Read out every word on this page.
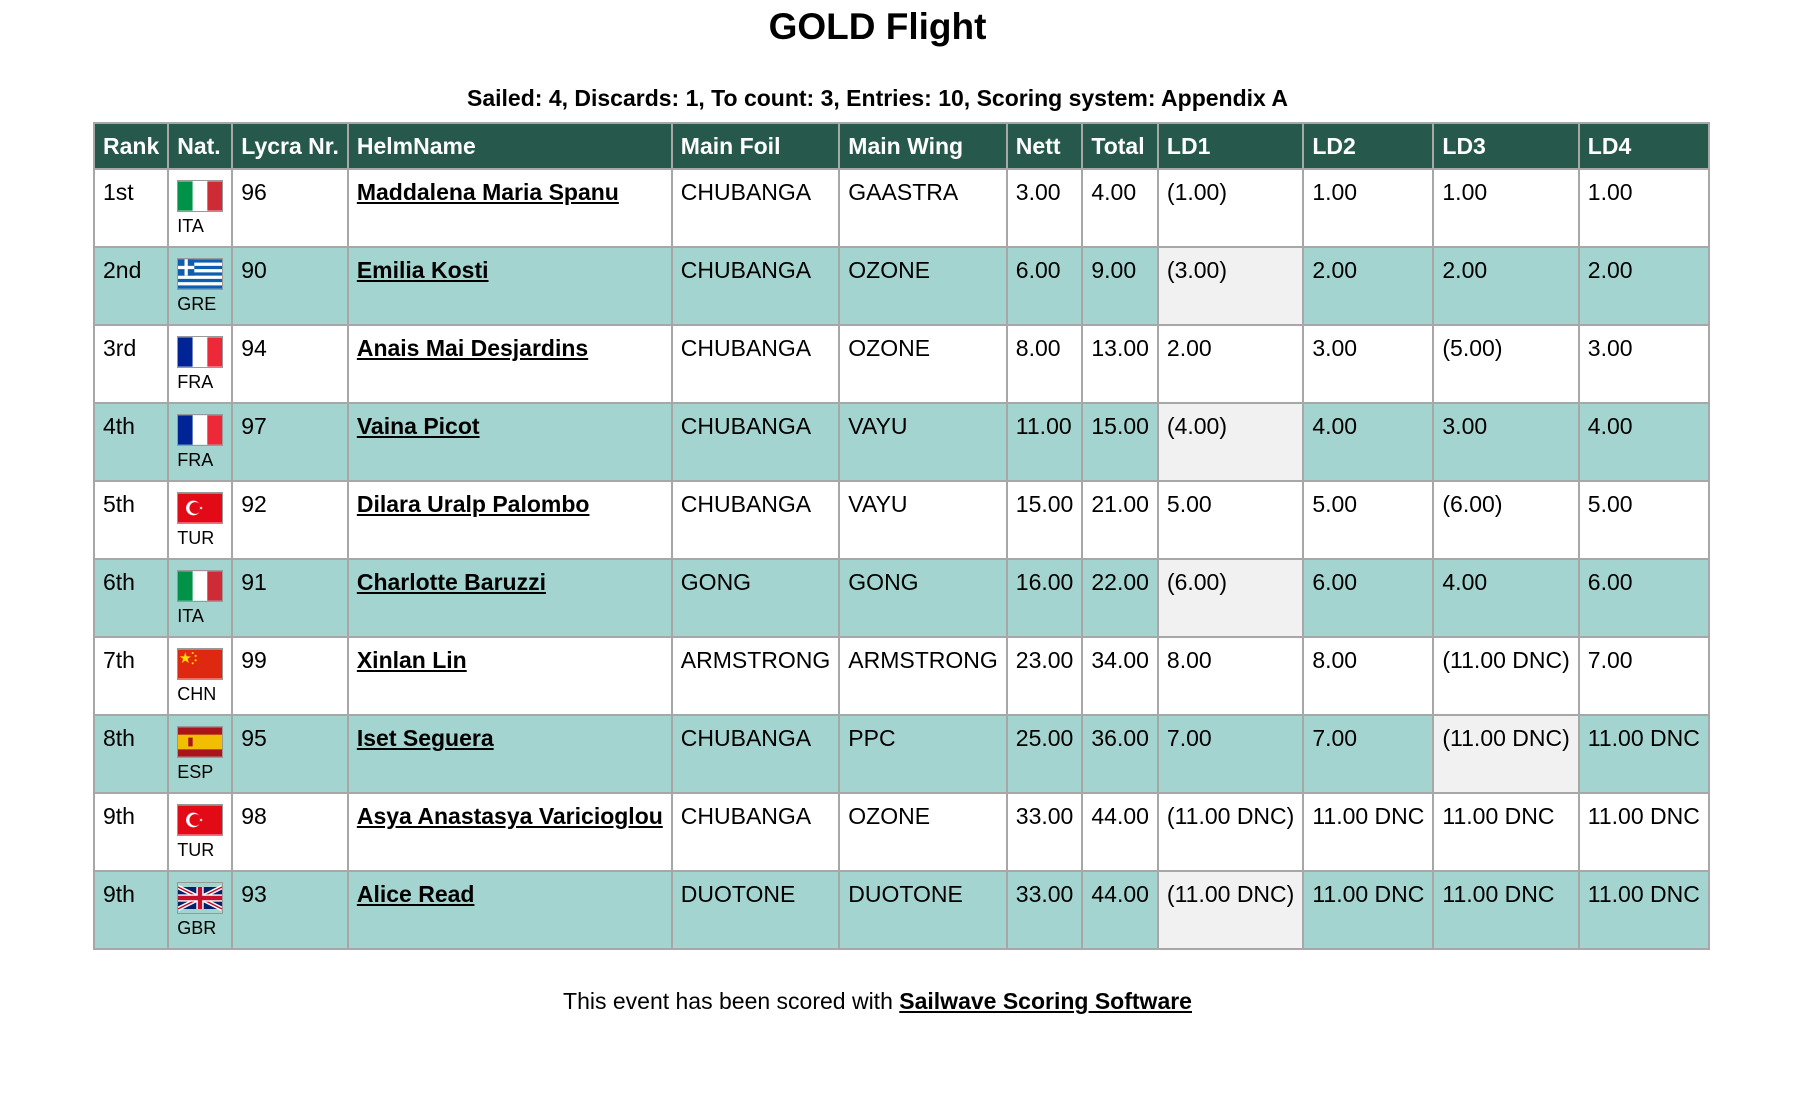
GOLD Flight
Sailed: 4, Discards: 1, To count: 3, Entries: 10, Scoring system: Appendix A
Rank	Nat.	Lycra Nr.	HelmName	Main Foil	Main Wing	Nett	Total	LD1	LD2	LD3	LD4
1st	ITA	96	Maddalena Maria Spanu	CHUBANGA	GAASTRA	3.00	4.00	(1.00)	1.00	1.00	1.00
2nd	GRE	90	Emilia Kosti	CHUBANGA	OZONE	6.00	9.00	(3.00)	2.00	2.00	2.00
3rd	FRA	94	Anais Mai Desjardins	CHUBANGA	OZONE	8.00	13.00	2.00	3.00	(5.00)	3.00
4th	FRA	97	Vaina Picot	CHUBANGA	VAYU	11.00	15.00	(4.00)	4.00	3.00	4.00
5th	TUR	92	Dilara Uralp Palombo	CHUBANGA	VAYU	15.00	21.00	5.00	5.00	(6.00)	5.00
6th	ITA	91	Charlotte Baruzzi	GONG	GONG	16.00	22.00	(6.00)	6.00	4.00	6.00
7th	CHN	99	Xinlan Lin	ARMSTRONG	ARMSTRONG	23.00	34.00	8.00	8.00	(11.00 DNC)	7.00
8th	ESP	95	Iset Seguera	CHUBANGA	PPC	25.00	36.00	7.00	7.00	(11.00 DNC)	11.00 DNC
9th	TUR	98	Asya Anastasya Varicioglou	CHUBANGA	OZONE	33.00	44.00	(11.00 DNC)	11.00 DNC	11.00 DNC	11.00 DNC
9th	GBR	93	Alice Read	DUOTONE	DUOTONE	33.00	44.00	(11.00 DNC)	11.00 DNC	11.00 DNC	11.00 DNC
This event has been scored with Sailwave Scoring Software
